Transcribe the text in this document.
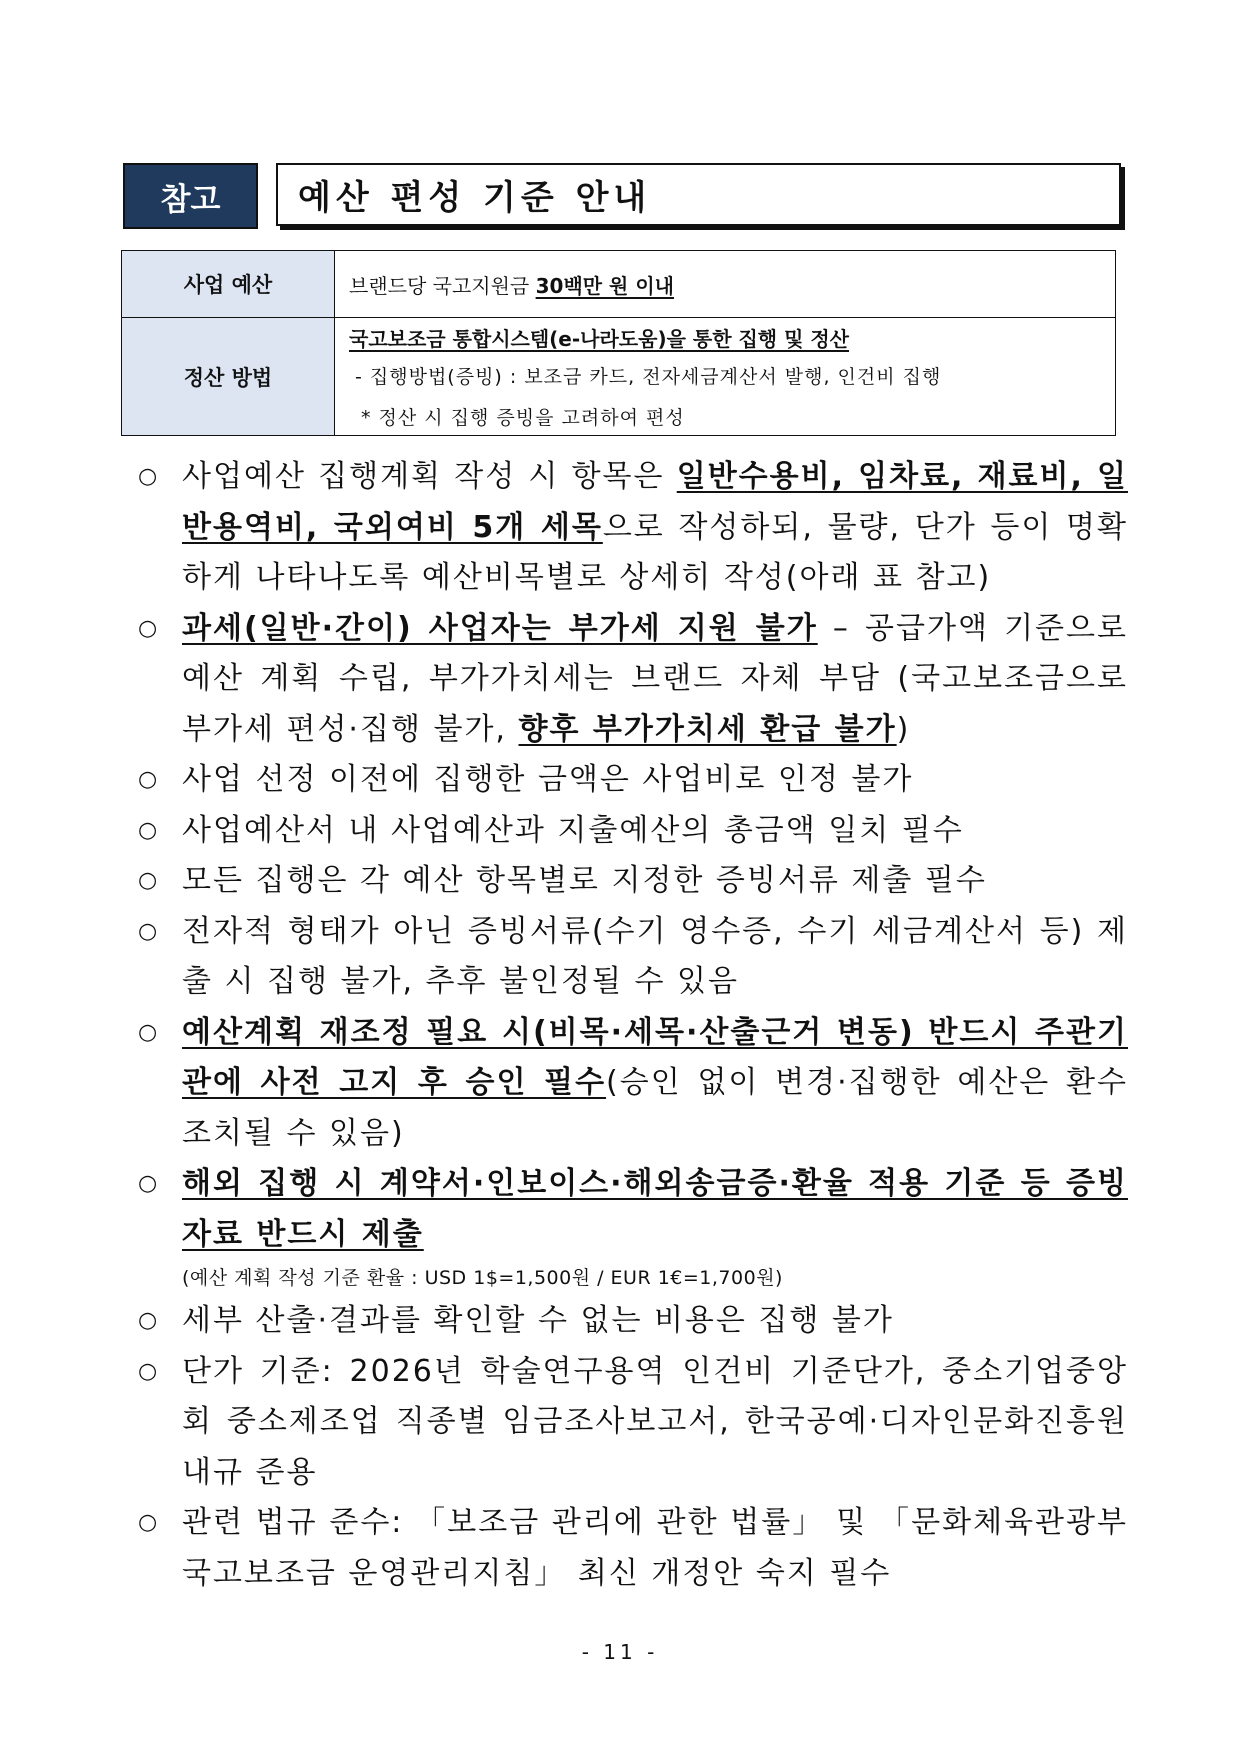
참고	예산 편성 기준 안내
사업 예산	브랜드당 국고지원금 30백만 원 이내
정산 방법	국고보조금 통합시스템(e-나라도움)을 통한 집행 및 정산
- 집행방법(증빙) : 보조금 카드, 전자세금계산서 발행, 인건비 집행
* 정산 시 집행 증빙을 고려하여 편성
○ 사업예산 집행계획 작성 시 항목은 일반수용비, 임차료, 재료비, 일반용역비, 국외여비 5개 세목으로 작성하되, 물량, 단가 등이 명확하게 나타나도록 예산비목별로 상세히 작성(아래 표 참고)
○ 과세(일반·간이) 사업자는 부가세 지원 불가 – 공급가액 기준으로 예산 계획 수립, 부가가치세는 브랜드 자체 부담 (국고보조금으로 부가세 편성·집행 불가, 향후 부가가치세 환급 불가)
○ 사업 선정 이전에 집행한 금액은 사업비로 인정 불가
○ 사업예산서 내 사업예산과 지출예산의 총금액 일치 필수
○ 모든 집행은 각 예산 항목별로 지정한 증빙서류 제출 필수
○ 전자적 형태가 아닌 증빙서류(수기 영수증, 수기 세금계산서 등) 제출 시 집행 불가, 추후 불인정될 수 있음
○ 예산계획 재조정 필요 시(비목·세목·산출근거 변동) 반드시 주관기관에 사전 고지 후 승인 필수(승인 없이 변경·집행한 예산은 환수 조치될 수 있음)
○ 해외 집행 시 계약서·인보이스·해외송금증·환율 적용 기준 등 증빙자료 반드시 제출
(예산 계획 작성 기준 환율 : USD 1$=1,500원 / EUR 1€=1,700원)
○ 세부 산출·결과를 확인할 수 없는 비용은 집행 불가
○ 단가 기준: 2026년 학술연구용역 인건비 기준단가, 중소기업중앙회 중소제조업 직종별 임금조사보고서, 한국공예·디자인문화진흥원 내규 준용
○ 관련 법규 준수: 「보조금 관리에 관한 법률」 및 「문화체육관광부 국고보조금 운영관리지침」 최신 개정안 숙지 필수
- 11 -
